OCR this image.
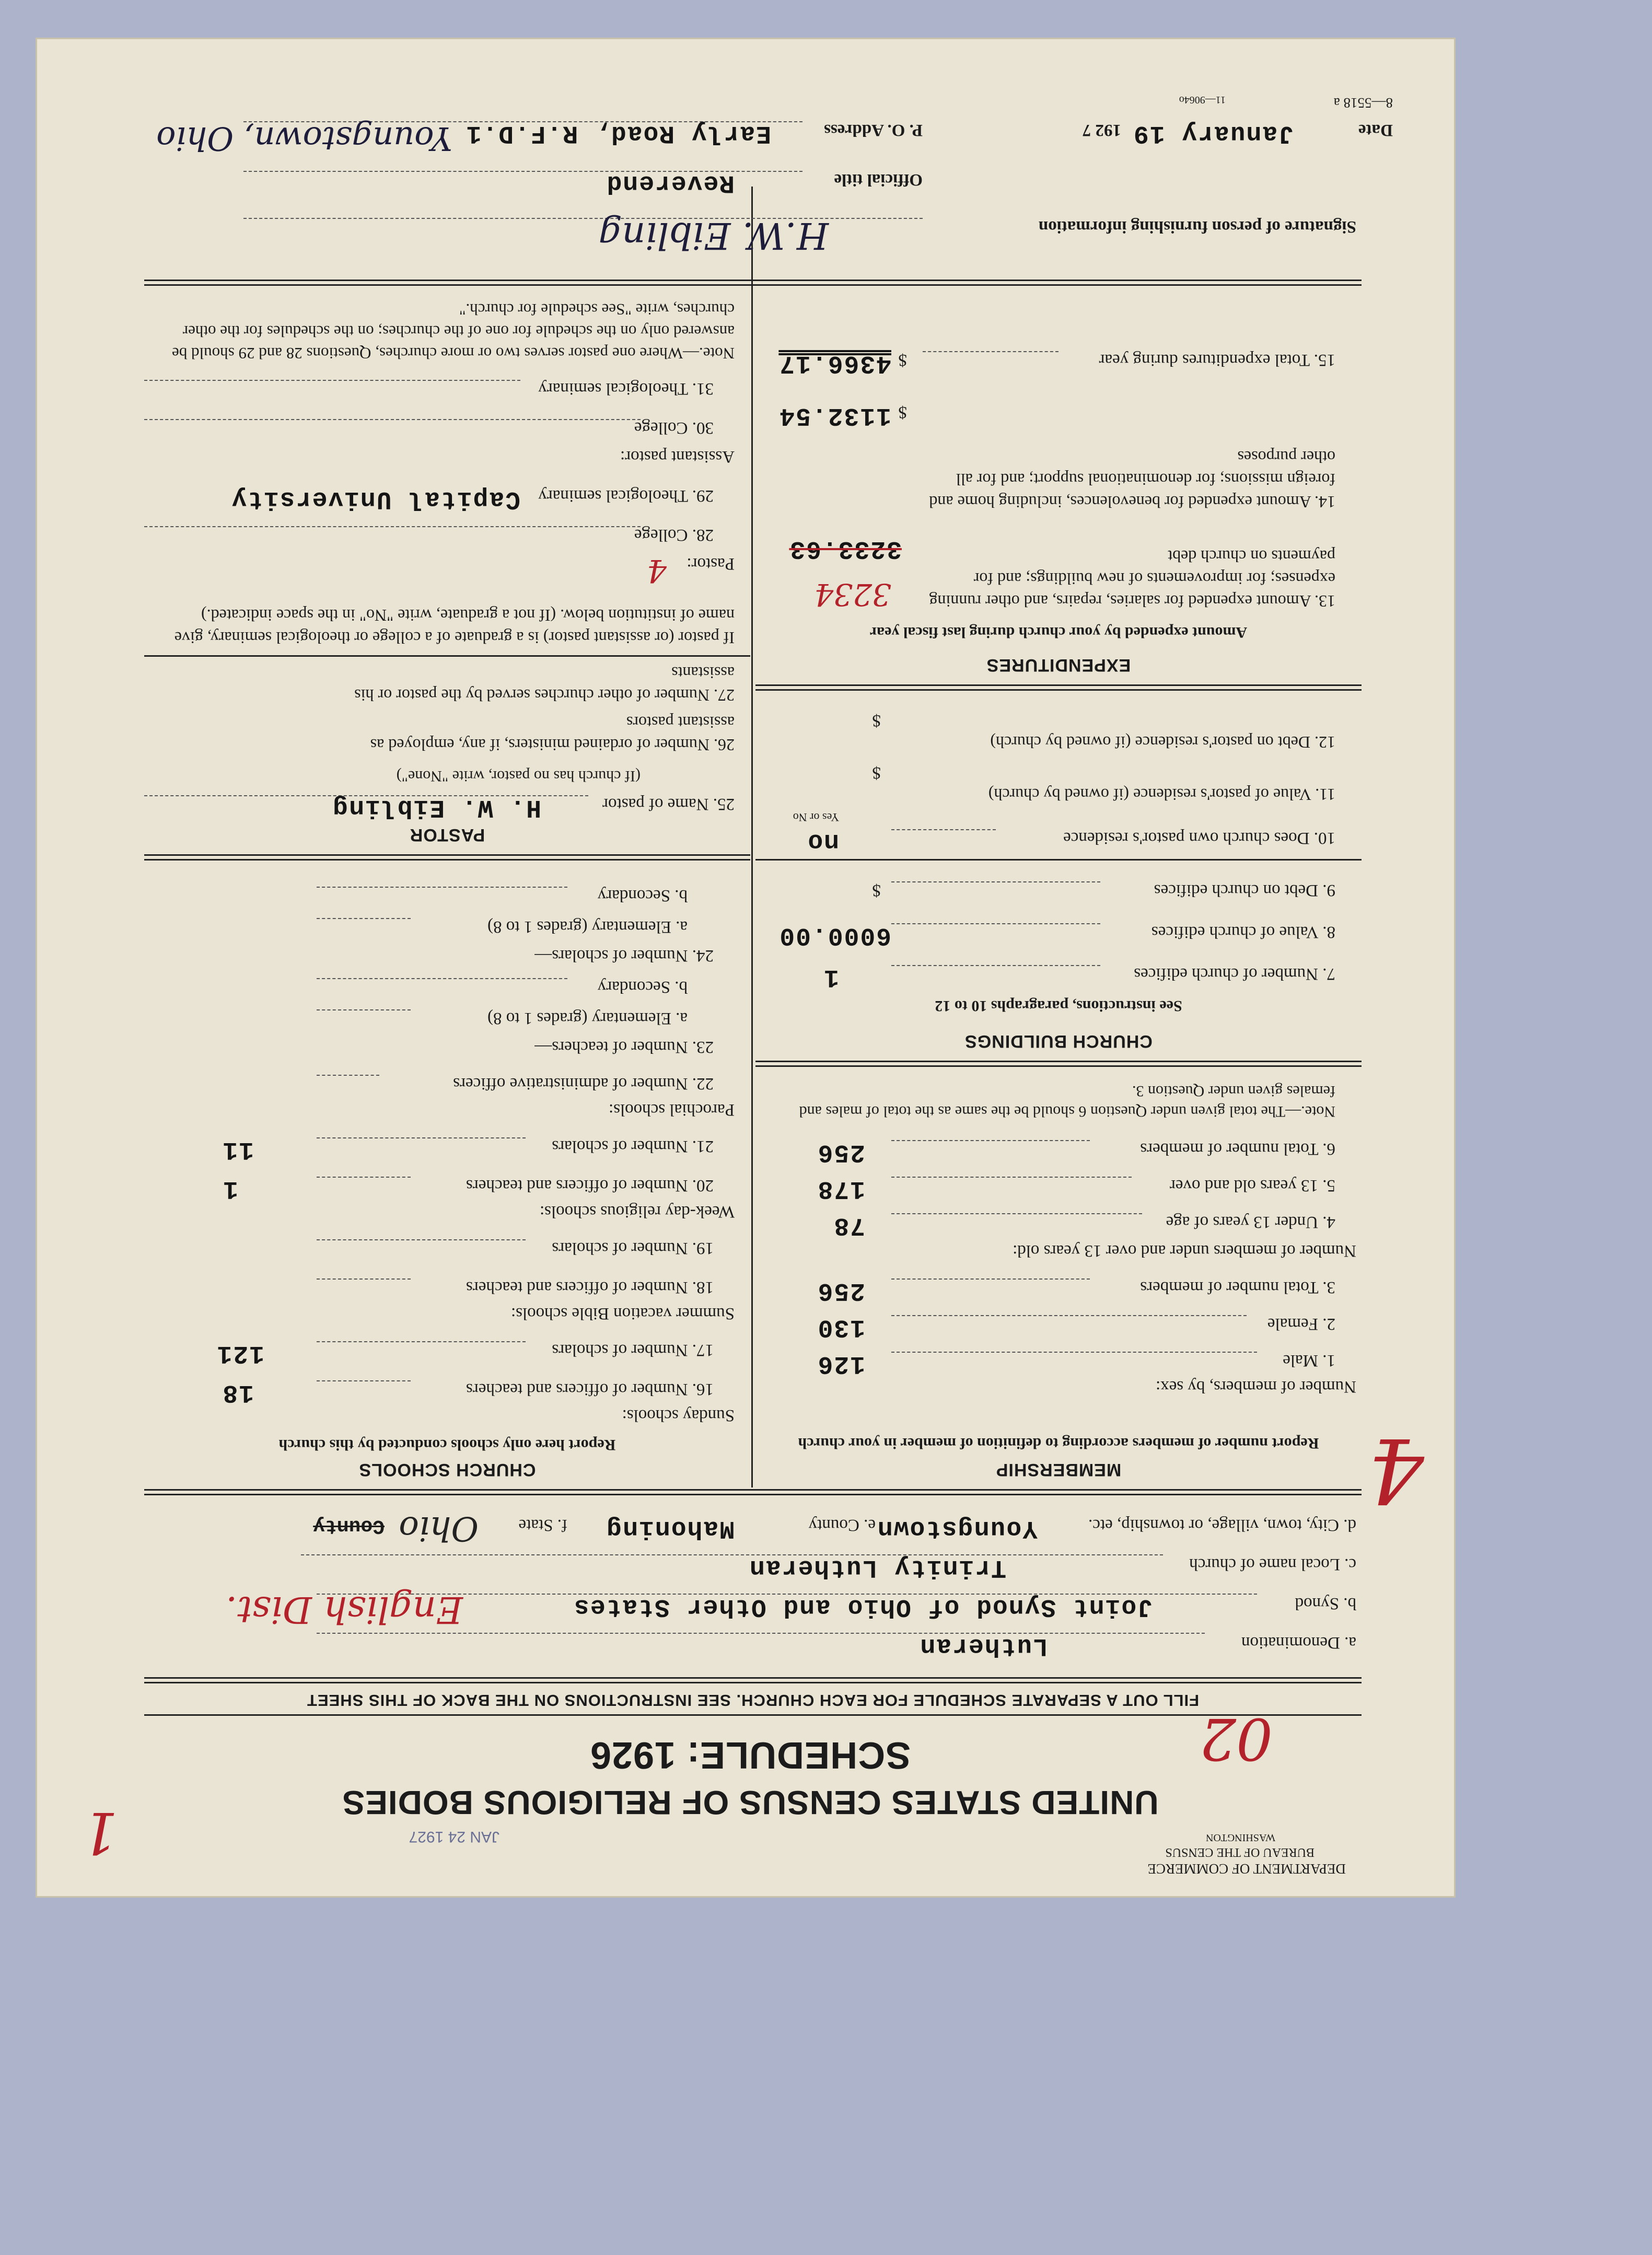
DEPARTMENT OF COMMERCE
BUREAU OF THE CENSUS
WASHINGTON
UNITED STATES CENSUS OF RELIGIOUS BODIES
SCHEDULE: 1926
JAN 24 1927
02
1
FILL OUT A SEPARATE SCHEDULE FOR EACH CHURCH. SEE INSTRUCTIONS ON THE BACK OF THIS SHEET
a. Denomination
Lutheran
b. Synod
Joint Synod of Ohio and Other States
English Dist.
c. Local name of church
Trinity Lutheran
d. City, town, village, or township, etc.
Youngstown
e. County
Mahoning
f. State
Ohio
County
4
MEMBERSHIP
Report number of members according to definition of member in your church
Number of members, by sex:
1. Male
126
2. Female
130
3. Total number of members
256
Number of members under and over 13 years old:
4. Under 13 years of age
78
5. 13 years old and over
178
6. Total number of members
256
Note.—The total given under Question 6 should be the same as the total of males and females given under Question 3.
CHURCH BUILDINGS
See instructions, paragraphs 10 to 12
7. Number of church edifices
1
8. Value of church edifices
6000.00
9. Debt on church edifices
$
10. Does church own pastor's residence
no
Yes or No
11. Value of pastor's residence (if owned by church)
$
12. Debt on pastor's residence (if owned by church)
$
EXPENDITURES
Amount expended by your church during last fiscal year
13. Amount expended for salaries, repairs, and other running expenses; for improvements of new buildings; and for payments on church debt
3234
3233.63
14. Amount expended for benevolences, including home and foreign missions; for denominational support; and for all other purposes
$
1132.54
15. Total expenditures during year
$
4366.17
CHURCH SCHOOLS
Report here only schools conducted by this church
Sunday schools:
16. Number of officers and teachers
18
17. Number of scholars
121
Summer vacation Bible schools:
18. Number of officers and teachers
19. Number of scholars
Week-day religious schools:
20. Number of officers and teachers
1
21. Number of scholars
11
Parochial schools:
22. Number of administrative officers
23. Number of teachers—
a. Elementary (grades 1 to 8)
b. Secondary
24. Number of scholars—
a. Elementary (grades 1 to 8)
b. Secondary
PASTOR
25. Name of pastor
H. W. Eibling
(If church has no pastor, write "None")
26. Number of ordained ministers, if any, employed as assistant pastors
27. Number of other churches served by the pastor or his assistants
If pastor (or assistant pastor) is a graduate of a college or theological seminary, give name of institution below. (If not a graduate, write "No" in the space indicated.)
Pastor:
4
28. College
29. Theological seminary
Capital University
Assistant pastor:
30. College
31. Theological seminary
Note.—Where one pastor serves two or more churches, Questions 28 and 29 should be answered only on the schedule for one of the churches; on the schedules for the other churches, write "See schedule for church."
Signature of person furnishing information
H.W. Eibling
Official title
Reverend
Date
January 19
192 7
P. O. Address
Early Road, R.F.D.1
Youngstown, Ohio
8—5518 a
11—9064o
